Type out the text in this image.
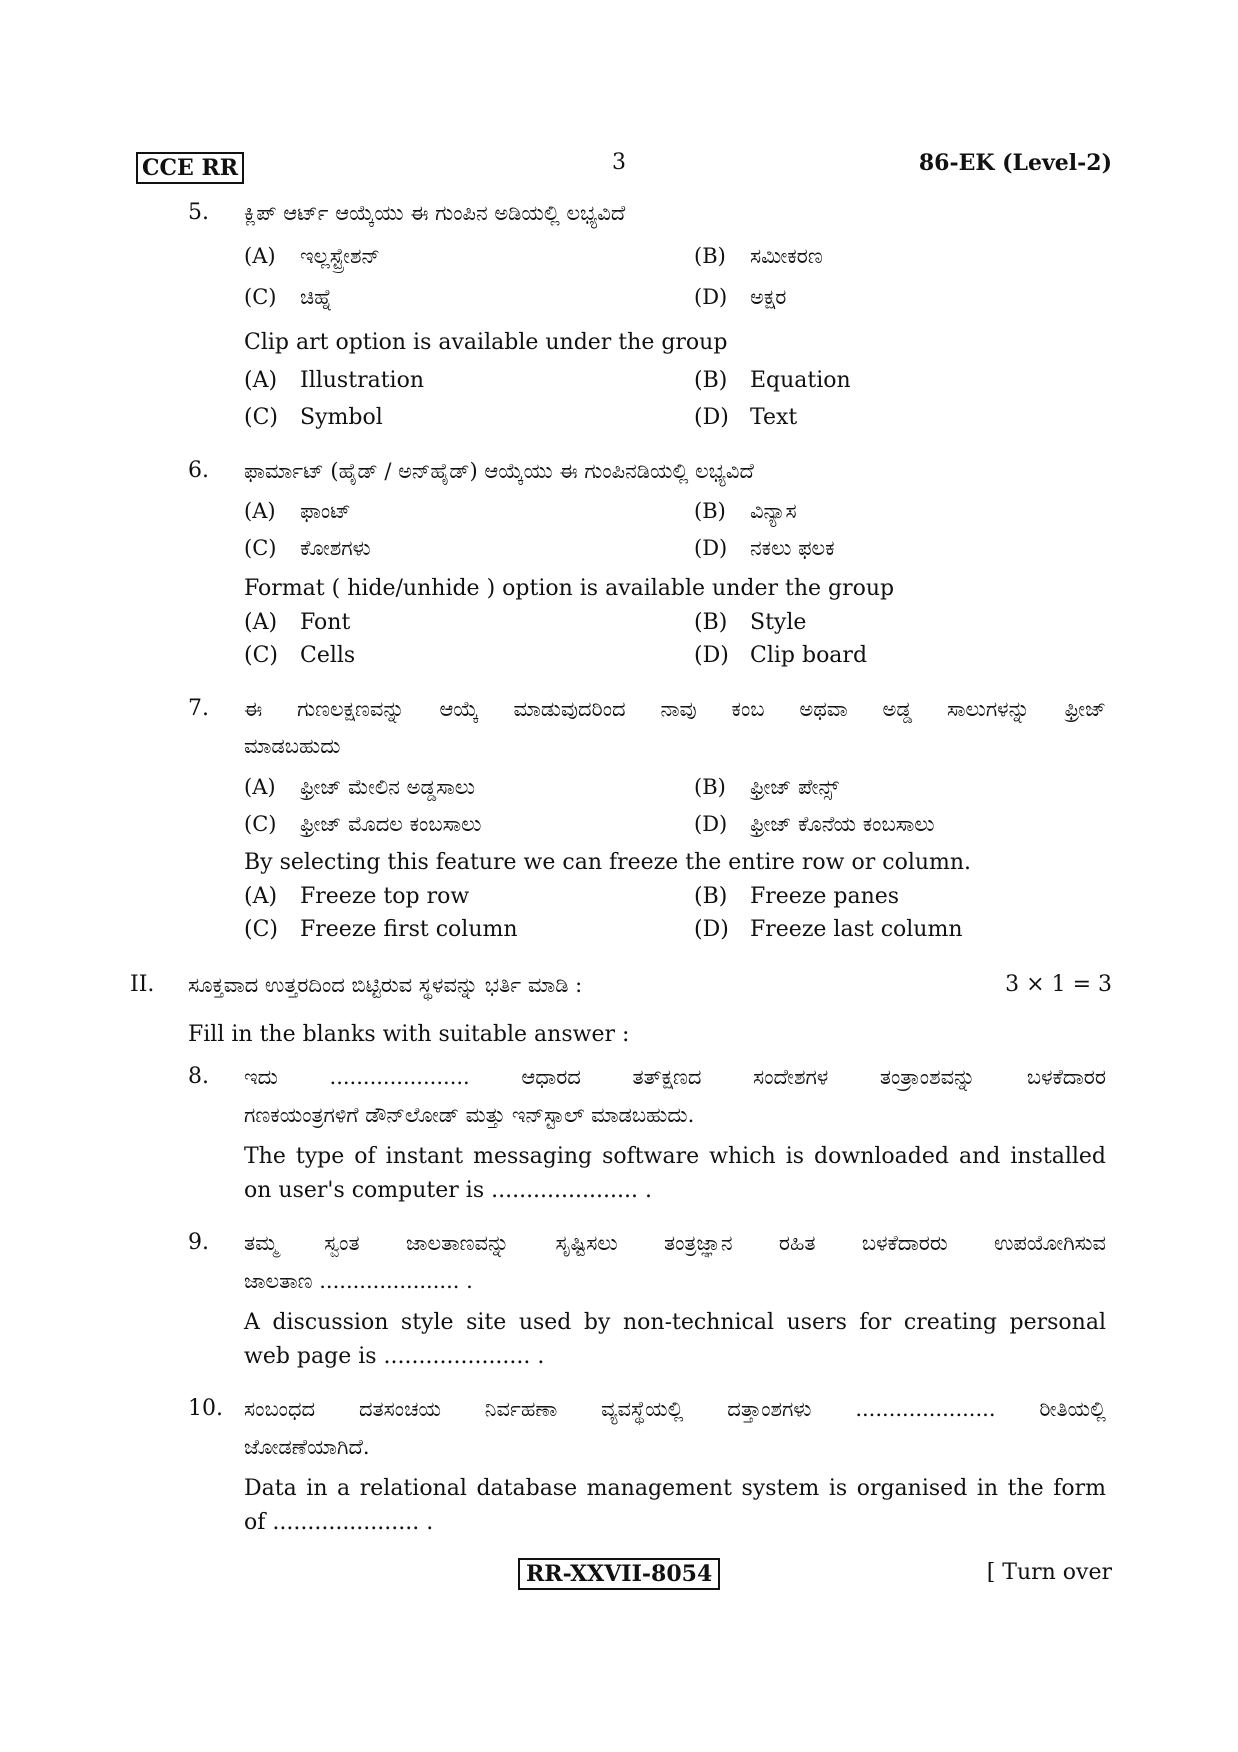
CCE RR	3	86-EK (Level-2)
5. ಕ್ಲಿಪ್ ಆರ್ಟ್ ಆಯ್ಕೆಯು ಈ ಗುಂಪಿನ ಅಡಿಯಲ್ಲಿ ಲಭ್ಯವಿದೆ
(A) ಇಲ್ಲಸ್ಟ್ರೇಶನ್	(B) ಸಮೀಕರಣ
(C) ಚಿಹ್ನೆ	(D) ಅಕ್ಷರ
Clip art option is available under the group
(A) Illustration	(B) Equation
(C) Symbol	(D) Text
6. ಫಾರ್ಮಾಟ್ (ಹೈಡ್ / ಅನ್‌ಹೈಡ್) ಆಯ್ಕೆಯು ಈ ಗುಂಪಿನಡಿಯಲ್ಲಿ ಲಭ್ಯವಿದೆ
(A) ಫಾಂಟ್	(B) ವಿನ್ಯಾಸ
(C) ಕೋಶಗಳು	(D) ನಕಲು ಫಲಕ
Format ( hide/unhide ) option is available under the group
(A) Font	(B) Style
(C) Cells	(D) Clip board
7. ಈ ಗುಣಲಕ್ಷಣವನ್ನು ಆಯ್ಕೆ ಮಾಡುವುದರಿಂದ ನಾವು ಕಂಬ ಅಥವಾ ಅಡ್ಡ ಸಾಲುಗಳನ್ನು ಫ್ರೀಜ್
ಮಾಡಬಹುದು
(A) ಫ್ರೀಜ್ ಮೇಲಿನ ಅಡ್ಡಸಾಲು	(B) ಫ್ರೀಜ್ ಪೇನ್ಸ್
(C) ಫ್ರೀಜ್ ಮೊದಲ ಕಂಬಸಾಲು	(D) ಫ್ರೀಜ್ ಕೊನೆಯ ಕಂಬಸಾಲು
By selecting this feature we can freeze the entire row or column.
(A) Freeze top row	(B) Freeze panes
(C) Freeze first column	(D) Freeze last column
II. ಸೂಕ್ತವಾದ ಉತ್ತರದಿಂದ ಬಿಟ್ಟಿರುವ ಸ್ಥಳವನ್ನು ಭರ್ತಿ ಮಾಡಿ :	3 × 1 = 3
Fill in the blanks with suitable answer :
8. ಇದು ..................... ಆಧಾರದ ತತ್‌ಕ್ಷಣದ ಸಂದೇಶಗಳ ತಂತ್ರಾಂಶವನ್ನು ಬಳಕೆದಾರರ
ಗಣಕಯಂತ್ರಗಳಿಗೆ ಡೌನ್‌ಲೋಡ್ ಮತ್ತು ಇನ್‌ಸ್ಟಾಲ್ ಮಾಡಬಹುದು.
The type of instant messaging software which is downloaded and installed
on user's computer is ..................... .
9. ತಮ್ಮ ಸ್ವಂತ ಜಾಲತಾಣವನ್ನು ಸೃಷ್ಟಿಸಲು ತಂತ್ರಜ್ಞಾನ ರಹಿತ ಬಳಕೆದಾರರು ಉಪಯೋಗಿಸುವ
ಜಾಲತಾಣ ..................... .
A discussion style site used by non-technical users for creating personal
web page is ..................... .
10. ಸಂಬಂಧದ ದತಸಂಚಯ ನಿರ್ವಹಣಾ ವ್ಯವಸ್ಥೆಯಲ್ಲಿ ದತ್ತಾಂಶಗಳು ..................... ರೀತಿಯಲ್ಲಿ
ಜೋಡಣೆಯಾಗಿದೆ.
Data in a relational database management system is organised in the form
of ..................... .
RR-XXVII-8054	[ Turn over
